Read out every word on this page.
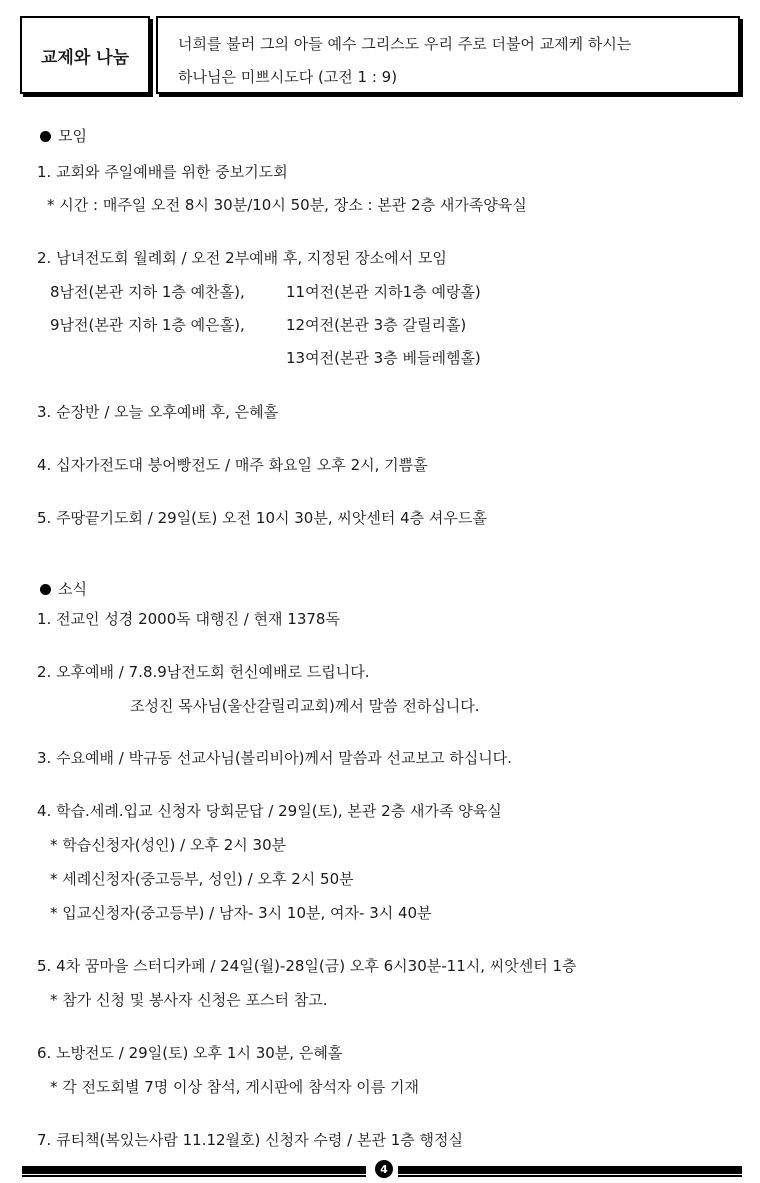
교제와 나눔
너희를 불러 그의 아들 예수 그리스도 우리 주로 더불어 교제케 하시는
하나님은 미쁘시도다 (고전 1 : 9)
모임
1. 교회와 주일예배를 위한 중보기도회
* 시간 : 매주일 오전 8시 30분/10시 50분, 장소 : 본관 2층 새가족양육실
2. 남녀전도회 월례회 / 오전 2부예배 후, 지정된 장소에서 모임
8남전(본관 지하 1층 예찬홀),	11여전(본관 지하1층 예랑홀)
9남전(본관 지하 1층 예은홀),	12여전(본관 3층 갈릴리홀)
13여전(본관 3층 베들레헴홀)
3. 순장반 / 오늘 오후예배 후, 은혜홀
4. 십자가전도대 붕어빵전도 / 매주 화요일 오후 2시, 기쁨홀
5. 주땅끝기도회 / 29일(토) 오전 10시 30분, 씨앗센터 4층 셔우드홀
소식
1. 전교인 성경 2000독 대행진 / 현재 1378독
2. 오후예배 / 7.8.9남전도회 헌신예배로 드립니다.
조성진 목사님(울산갈릴리교회)께서 말씀 전하십니다.
3. 수요예배 / 박규동 선교사님(볼리비아)께서 말씀과 선교보고 하십니다.
4. 학습.세례.입교 신청자 당회문답 / 29일(토), 본관 2층 새가족 양육실
* 학습신청자(성인) / 오후 2시 30분
* 세례신청자(중고등부, 성인) / 오후 2시 50분
* 입교신청자(중고등부) / 남자- 3시 10분, 여자- 3시 40분
5. 4차 꿈마을 스터디카페 / 24일(월)-28일(금) 오후 6시30분-11시, 씨앗센터 1층
* 참가 신청 및 봉사자 신청은 포스터 참고.
6. 노방전도 / 29일(토) 오후 1시 30분, 은혜홀
* 각 전도회별 7명 이상 참석, 게시판에 참석자 이름 기재
7. 큐티책(복있는사람 11.12월호) 신청자 수령 / 본관 1층 행정실
4
